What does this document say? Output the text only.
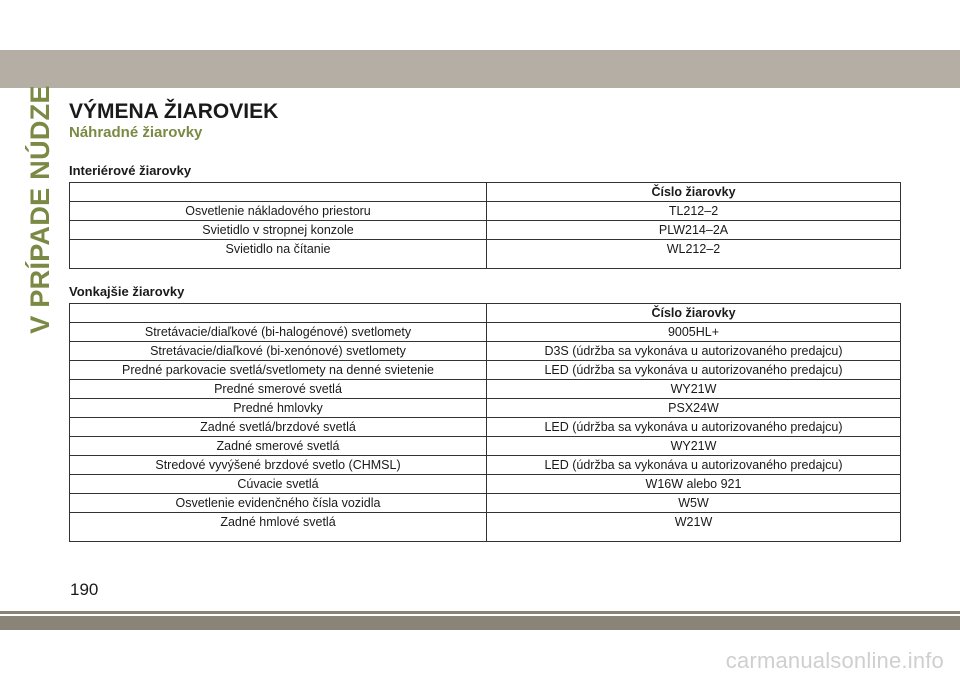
V PRÍPADE NÚDZE VÝMENA ŽIAROVIEK
Náhradné žiarovky
Interiérové žiarovky
	Číslo žiarovky
Osvetlenie nákladového priestoru	TL212–2
Svietidlo v stropnej konzole	PLW214–2A
Svietidlo na čítanie	WL212–2
Vonkajšie žiarovky
	Číslo žiarovky
Stretávacie/diaľkové (bi-halogénové) svetlomety	9005HL+
Stretávacie/diaľkové (bi-xenónové) svetlomety	D3S (údržba sa vykonáva u autorizovaného predajcu)
Predné parkovacie svetlá/svetlomety na denné svietenie	LED (údržba sa vykonáva u autorizovaného predajcu)
Predné smerové svetlá	WY21W
Predné hmlovky	PSX24W
Zadné svetlá/brzdové svetlá	LED (údržba sa vykonáva u autorizovaného predajcu)
Zadné smerové svetlá	WY21W
Stredové vyvýšené brzdové svetlo (CHMSL)	LED (údržba sa vykonáva u autorizovaného predajcu)
Cúvacie svetlá	W16W alebo 921
Osvetlenie evidenčného čísla vozidla	W5W
Zadné hmlové svetlá	W21W
190
carmanualsonline.info
